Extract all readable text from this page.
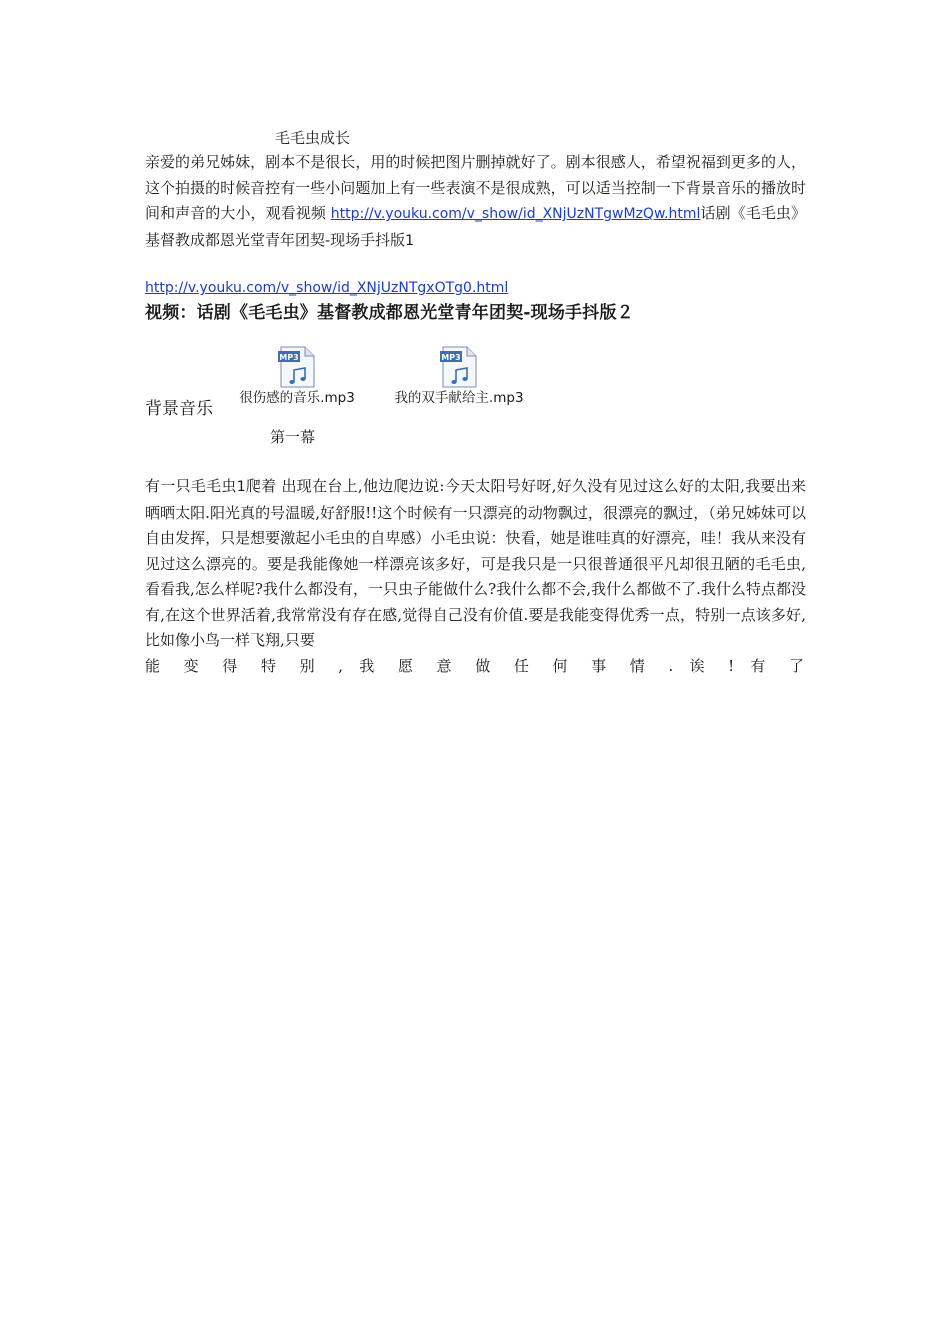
毛毛虫成长
亲爱的弟兄姊妹，剧本不是很长，用的时候把图片删掉就好了。剧本很感人，希望祝福到更多的人，这个拍摄的时候音控有一些小问题加上有一些表演不是很成熟，可以适当控制一下背景音乐的播放时间和声音的大小，观看视频 http://v.youku.com/v_show/id_XNjUzNTgwMzQw.html话剧《毛毛虫》基督教成都恩光堂青年团契-现场手抖版1
http://v.youku.com/v_show/id_XNjUzNTgxOTg0.html
视频：话剧《毛毛虫》基督教成都恩光堂青年团契-现场手抖版２
背景音乐
MP3
很伤感的音乐.mp3
MP3
我的双手献给主.mp3
第一幕
有一只毛毛虫1爬着 出现在台上,他边爬边说:今天太阳号好呀,好久没有见过这么好的太阳,我要出来晒晒太阳.阳光真的号温暖,好舒服!!这个时候有一只漂亮的动物飘过，很漂亮的飘过，（弟兄姊妹可以自由发挥，只是想要激起小毛虫的自卑感）小毛虫说：快看，她是谁哇真的好漂亮，哇！我从来没有见过这么漂亮的。要是我能像她一样漂亮该多好，可是我只是一只很普通很平凡却很丑陋的毛毛虫,看看我,怎么样呢?我什么都没有，一只虫子能做什么?我什么都不会,我什么都做不了.我什么特点都没有,在这个世界活着,我常常没有存在感,觉得自己没有价值.要是我能变得优秀一点，特别一点该多好,比如像小鸟一样飞翔,只要
能 变 得 特 别 , 我 愿 意 做 任 何 事 情 . 诶 ! 有 了
